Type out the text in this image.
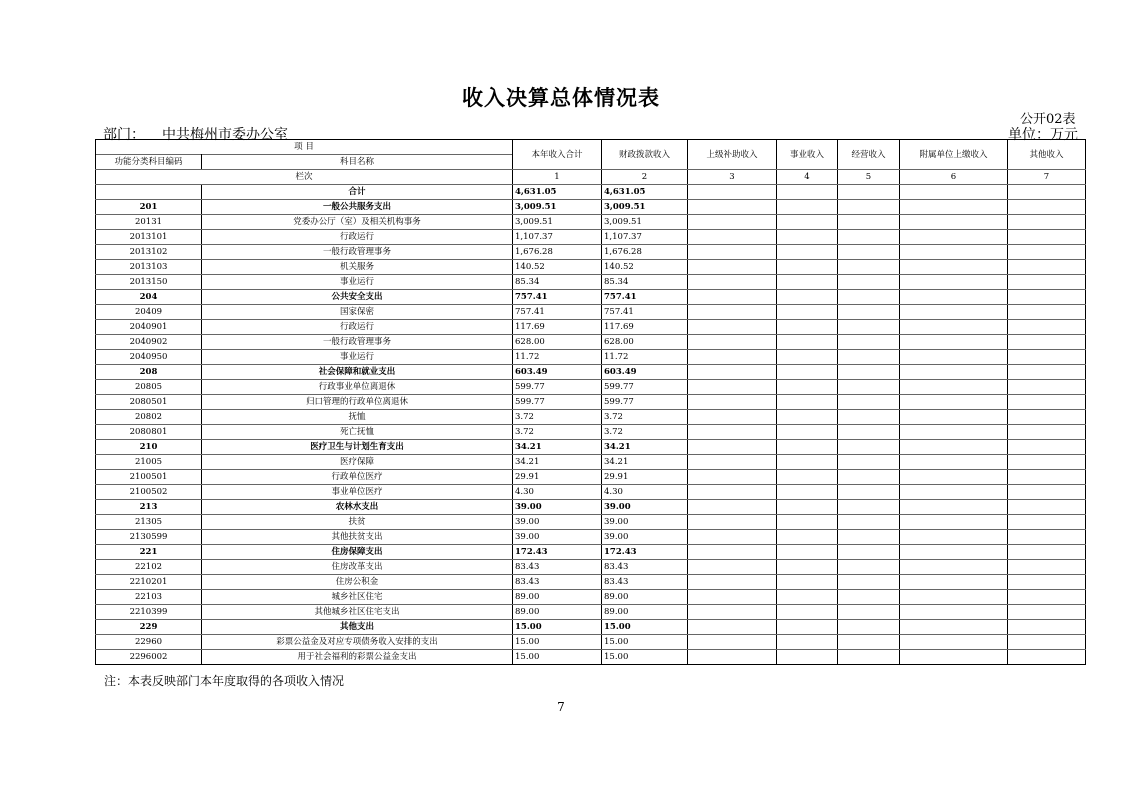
收入决算总体情况表
公开02表
部门： 中共梅州市委办公室	单位：万元
项 目		本年收入合计	财政拨款收入	上级补助收入	事业收入	经营收入	附属单位上缴收入	其他收入
功能分类科目编码	科目名称							
栏次		1	2	3	4	5	6	7
	合计	4,631.05	4,631.05					
201	一般公共服务支出	3,009.51	3,009.51					
20131	党委办公厅（室）及相关机构事务	3,009.51	3,009.51					
2013101	行政运行	1,107.37	1,107.37					
2013102	一般行政管理事务	1,676.28	1,676.28					
2013103	机关服务	140.52	140.52					
2013150	事业运行	85.34	85.34					
204	公共安全支出	757.41	757.41					
20409	国家保密	757.41	757.41					
2040901	行政运行	117.69	117.69					
2040902	一般行政管理事务	628.00	628.00					
2040950	事业运行	11.72	11.72					
208	社会保障和就业支出	603.49	603.49					
20805	行政事业单位离退休	599.77	599.77					
2080501	归口管理的行政单位离退休	599.77	599.77					
20802	抚恤	3.72	3.72					
2080801	死亡抚恤	3.72	3.72					
210	医疗卫生与计划生育支出	34.21	34.21					
21005	医疗保障	34.21	34.21					
2100501	行政单位医疗	29.91	29.91					
2100502	事业单位医疗	4.30	4.30					
213	农林水支出	39.00	39.00					
21305	扶贫	39.00	39.00					
2130599	其他扶贫支出	39.00	39.00					
221	住房保障支出	172.43	172.43					
22102	住房改革支出	83.43	83.43					
2210201	住房公积金	83.43	83.43					
22103	城乡社区住宅	89.00	89.00					
2210399	其他城乡社区住宅支出	89.00	89.00					
229	其他支出	15.00	15.00					
22960	彩票公益金及对应专项债务收入安排的支出	15.00	15.00					
2296002	用于社会福利的彩票公益金支出	15.00	15.00					
注：本表反映部门本年度取得的各项收入情况
7
